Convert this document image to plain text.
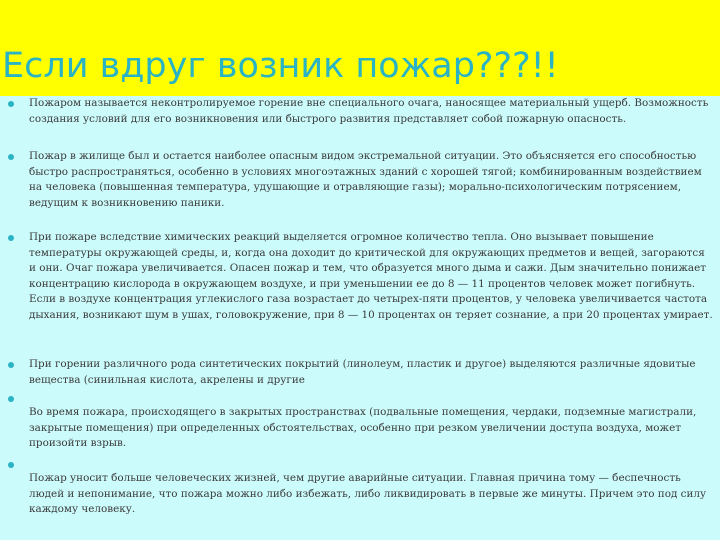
Если вдруг возник пожар???!!

Пожаром называется неконтролируемое горение вне специального очага, наносящее материальный ущерб. Возможность создания условий для его возникновения или быстрого развития представляет собой пожарную опасность.

Пожар в жилище был и остается наиболее опасным видом экстремальной ситуации. Это объясняется его способностью быстро распространяться, особенно в условиях многоэтажных зданий с хорошей тягой; комбинированным воздействием на человека (повышенная температура, удушающие и отравляющие газы); морально-психологическим потрясением, ведущим к возникновению паники.

При пожаре вследствие химических реакций выделяется огромное количество тепла. Оно вызывает повышение температуры окружающей среды, и, когда она доходит до критической для окружающих предметов и вещей, загораются и они. Очаг пожара увеличивается. Опасен пожар и тем, что образуется много дыма и сажи. Дым значительно понижает концентрацию кислорода в окружающем воздухе, и при уменьшении ее до 8 — 11 процентов человек может погибнуть. Если в воздухе концентрация углекислого газа возрастает до четырех-пяти процентов, у человека увеличивается частота дыхания, возникают шум в ушах, головокружение, при 8 — 10 процентах он теряет сознание, а при 20 процентах умирает.

При горении различного рода синтетических покрытий (линолеум, пластик и другое) выделяются различные ядовитые вещества (синильная кислота, акрелены и другие

Во время пожара, происходящего в закрытых пространствах (подвальные помещения, чердаки, подземные магистрали, закрытые помещения) при определенных обстоятельствах, особенно при резком увеличении доступа воздуха, может произойти взрыв.

Пожар уносит больше человеческих жизней, чем другие аварийные ситуации. Главная причина тому — беспечность людей и непонимание, что пожара можно либо избежать, либо ликвидировать в первые же минуты. Причем это под силу каждому человеку.
